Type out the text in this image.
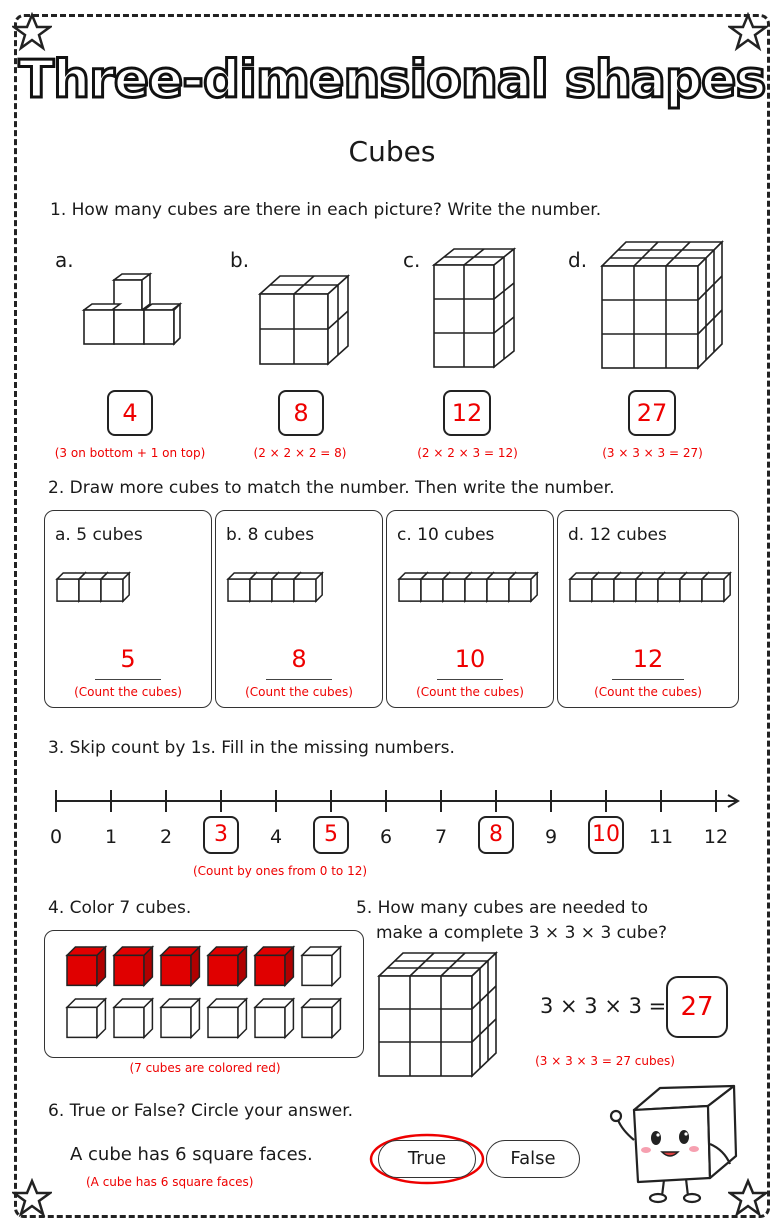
Three-dimensional shapes
Cubes
1. How many cubes are there in each picture? Write the number.
a.	b.	c.	d.
4	8	12	27
(3 on bottom + 1 on top)	(2 × 2 × 2 = 8)	(2 × 2 × 3 = 12)	(3 × 3 × 3 = 27)
2. Draw more cubes to match the number. Then write the number.
a. 5 cubes
5
(Count the cubes)
b. 8 cubes
8
(Count the cubes)
c. 10 cubes
10
(Count the cubes)
d. 12 cubes
12
(Count the cubes)
3. Skip count by 1s. Fill in the missing numbers.
0	1	2	3	4	5	6	7	8	9	10 11 12
(Count by ones from 0 to 12)
4. Color 7 cubes.
(7 cubes are colored red)
5. How many cubes are needed to
make a complete 3 × 3 × 3 cube?
3 × 3 × 3 = 27
(3 × 3 × 3 = 27 cubes)
6. True or False? Circle your answer.
A cube has 6 square faces.
(A cube has 6 square faces)
True	False
